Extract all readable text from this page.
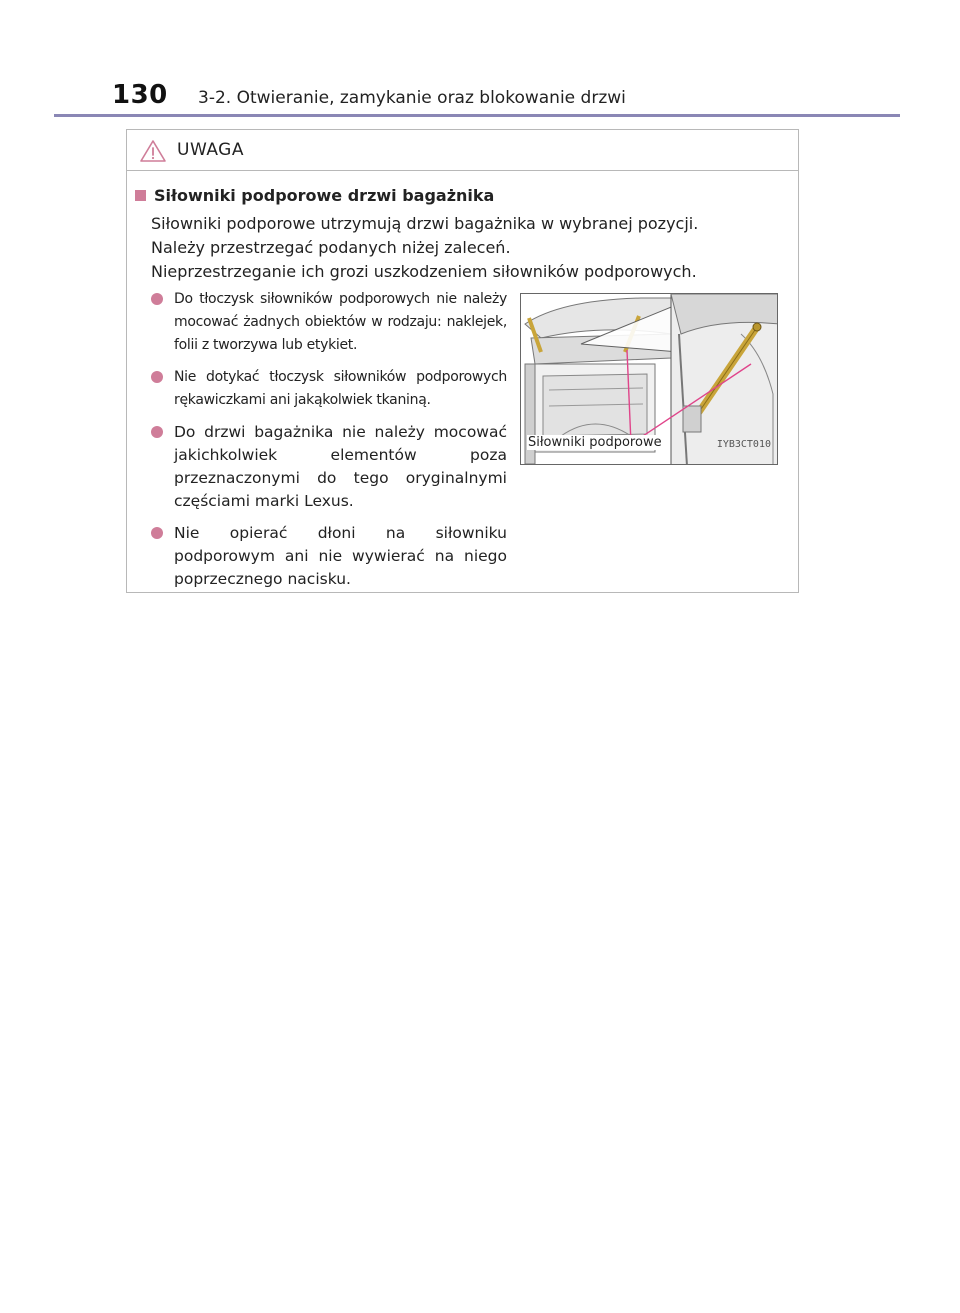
130 3-2. Otwieranie, zamykanie oraz blokowanie drzwi
UWAGA
Siłowniki podporowe drzwi bagażnika
Siłowniki podporowe utrzymują drzwi bagażnika w wybranej pozycji.
Należy przestrzegać podanych niżej zaleceń.
Nieprzestrzeganie ich grozi uszkodzeniem siłowników podporowych.
Do tłoczysk siłowników podporowych nie należy mocować żadnych obiektów w rodzaju: naklejek, folii z tworzywa lub etykiet.
Nie dotykać tłoczysk siłowników podporowych rękawiczkami ani jakąkolwiek tkaniną.
Do drzwi bagażnika nie należy mocować jakichkolwiek elementów poza przeznaczonymi do tego oryginalnymi częściami marki Lexus.
Nie opierać dłoni na siłowniku podporowym ani nie wywierać na niego poprzecznego nacisku.
Siłowniki podporowe	IYB3CT010
